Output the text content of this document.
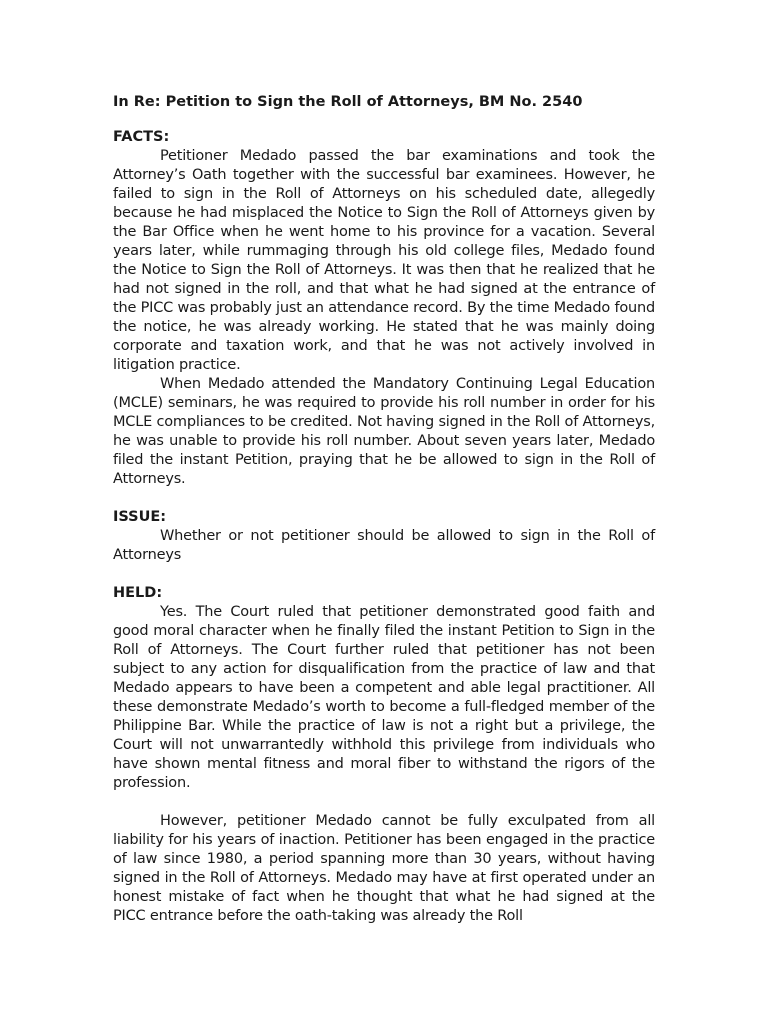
In Re: Petition to Sign the Roll of Attorneys, BM No. 2540
FACTS:

Petitioner Medado passed the bar examinations and took the Attorney’s Oath together with the successful bar examinees. However, he failed to sign in the Roll of Attorneys on his scheduled date, allegedly because he had misplaced the Notice to Sign the Roll of Attorneys given by the Bar Office when he went home to his province for a vacation. Several years later, while rummaging through his old college files, Medado found the Notice to Sign the Roll of Attorneys. It was then that he realized that he had not signed in the roll, and that what he had signed at the entrance of the PICC was probably just an attendance record. By the time Medado found the notice, he was already working. He stated that he was mainly doing corporate and taxation work, and that he was not actively involved in litigation practice.

When Medado attended the Mandatory Continuing Legal Education (MCLE) seminars, he was required to provide his roll number in order for his MCLE compliances to be credited. Not having signed in the Roll of Attorneys, he was unable to provide his roll number. About seven years later, Medado filed the instant Petition, praying that he be allowed to sign in the Roll of Attorneys.

ISSUE:

Whether or not petitioner should be allowed to sign in the Roll of Attorneys

HELD:

Yes. The Court ruled that petitioner demonstrated good faith and good moral character when he finally filed the instant Petition to Sign in the Roll of Attorneys. The Court further ruled that petitioner has not been subject to any action for disqualification from the practice of law and that Medado appears to have been a competent and able legal practitioner. All these demonstrate Medado’s worth to become a full-fledged member of the Philippine Bar. While the practice of law is not a right but a privilege, the Court will not unwarrantedly withhold this privilege from individuals who have shown mental fitness and moral fiber to withstand the rigors of the profession.

However, petitioner Medado cannot be fully exculpated from all liability for his years of inaction. Petitioner has been engaged in the practice of law since 1980, a period spanning more than 30 years, without having signed in the Roll of Attorneys. Medado may have at first operated under an honest mistake of fact when he thought that what he had signed at the PICC entrance before the oath-taking was already the Roll
